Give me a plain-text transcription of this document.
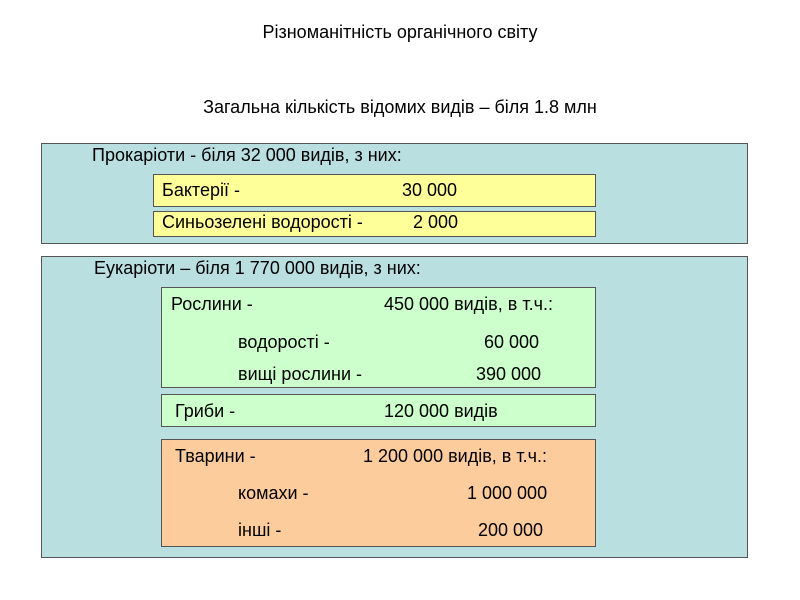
Різноманітність органічного світу
Загальна кількість відомих видів – біля 1.8 млн
Прокаріоти - біля 32 000 видів, з них:
Бактерії -	30 000
Синьозелені водорості -	2 000
Еукаріоти – біля 1 770 000 видів, з них:
Рослини -	450 000 видів, в т.ч.:
водорості -	60 000
вищі рослини -	390 000
Гриби -	120 000 видів
Тварини -	1 200 000 видів, в т.ч.:
комахи -	1 000 000
інші -	200 000
